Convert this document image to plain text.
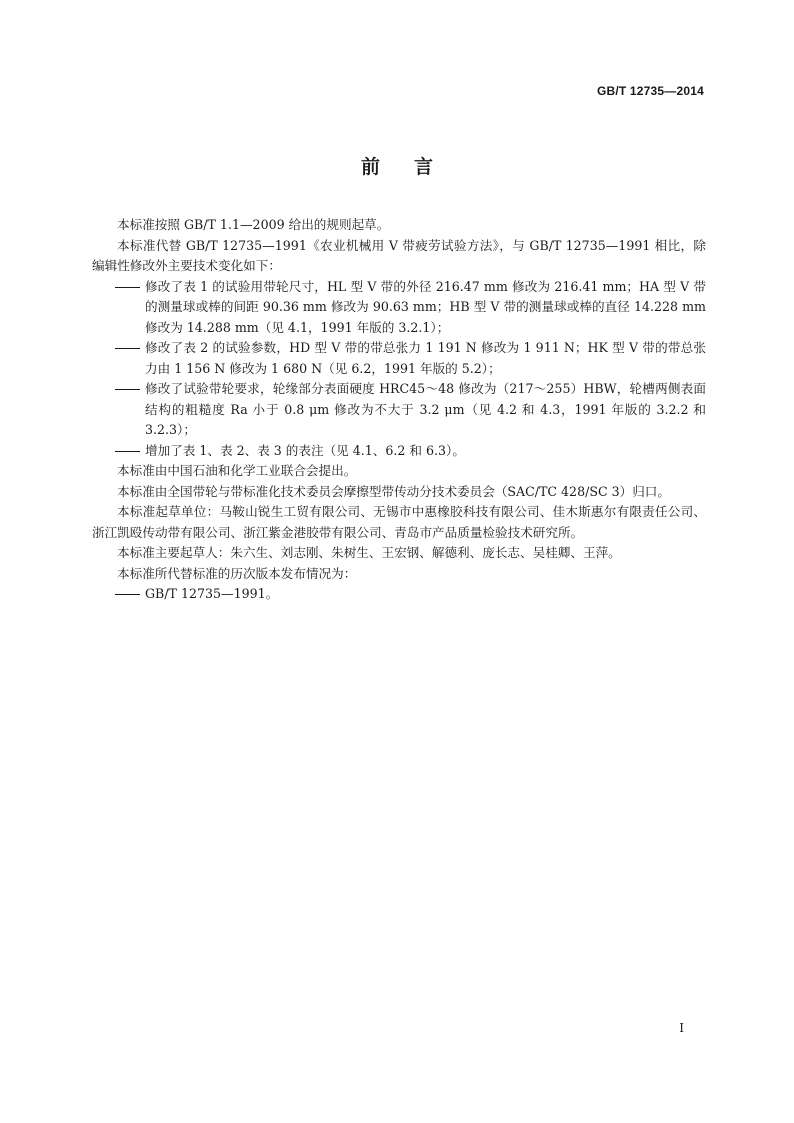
GB/T 12735—2014
前言

本标准按照 GB/T 1.1—2009 给出的规则起草。

本标准代替 GB/T 12735—1991《农业机械用 V 带疲劳试验方法》，与 GB/T 12735—1991 相比，除编辑性修改外主要技术变化如下：

修改了表 1 的试验用带轮尺寸，HL 型 V 带的外径 216.47 mm 修改为 216.41 mm；HA 型 V 带的测量球或棒的间距 90.36 mm 修改为 90.63 mm；HB 型 V 带的测量球或棒的直径 14.228 mm 修改为 14.288 mm（见 4.1，1991 年版的 3.2.1）；

修改了表 2 的试验参数，HD 型 V 带的带总张力 1 191 N 修改为 1 911 N；HK 型 V 带的带总张力由 1 156 N 修改为 1 680 N（见 6.2，1991 年版的 5.2）；

修改了试验带轮要求，轮缘部分表面硬度 HRC45～48 修改为（217～255）HBW，轮槽两侧表面结构的粗糙度 Ra 小于 0.8 μm 修改为不大于 3.2 μm（见 4.2 和 4.3，1991 年版的 3.2.2 和 3.2.3）；

增加了表 1、表 2、表 3 的表注（见 4.1、6.2 和 6.3）。

本标准由中国石油和化学工业联合会提出。

本标准由全国带轮与带标准化技术委员会摩擦型带传动分技术委员会（SAC/TC 428/SC 3）归口。

本标准起草单位：马鞍山锐生工贸有限公司、无锡市中惠橡胶科技有限公司、佳木斯惠尔有限责任公司、浙江凯殴传动带有限公司、浙江紫金港胶带有限公司、青岛市产品质量检验技术研究所。

本标准主要起草人：朱六生、刘志刚、朱树生、王宏钢、解德利、庞长志、吴桂卿、王萍。

本标准所代替标准的历次版本发布情况为：

GB/T 12735—1991。

I
